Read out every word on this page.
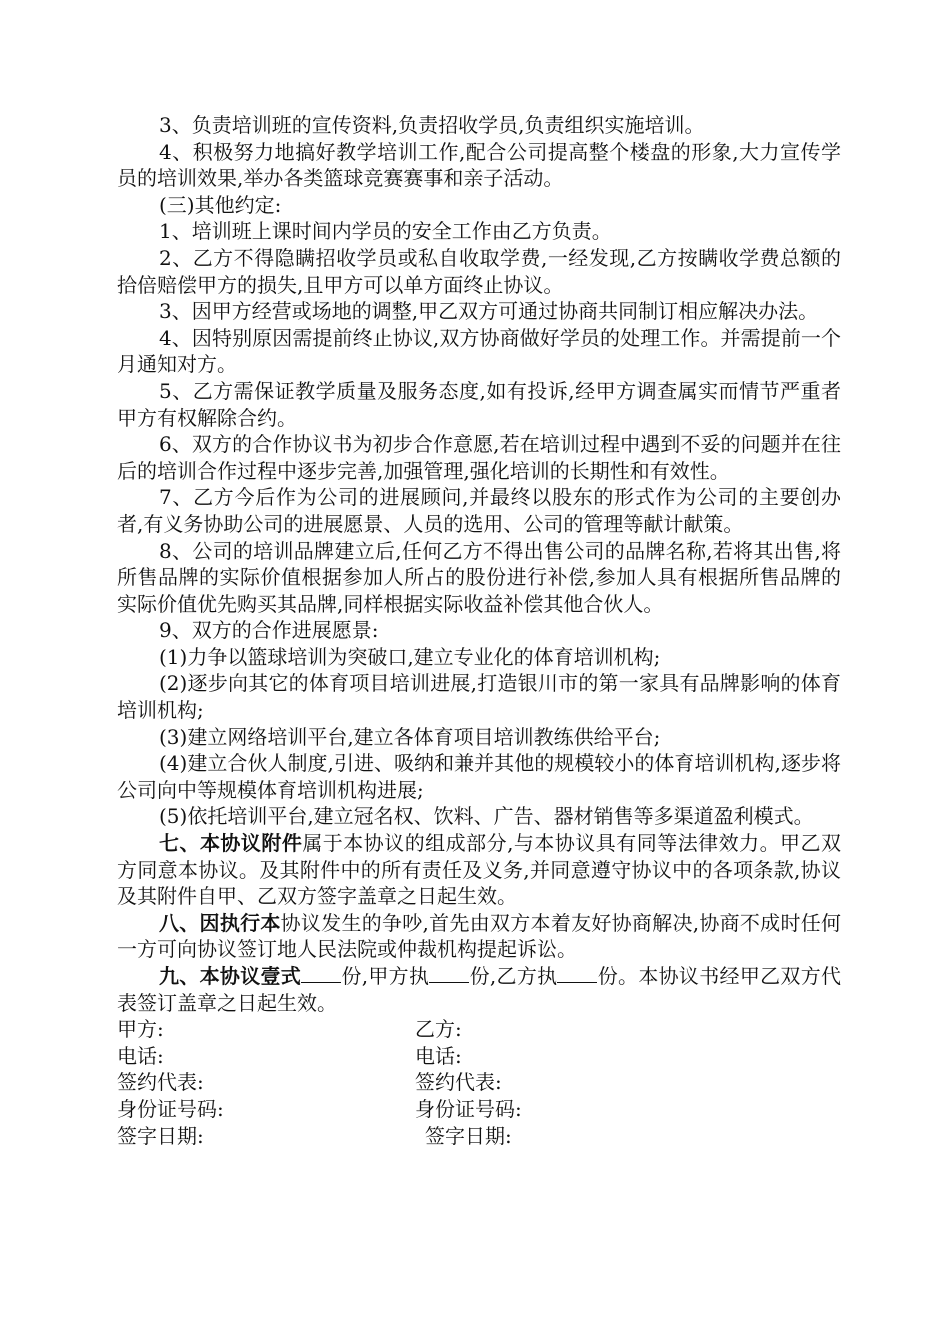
3、负责培训班的宣传资料,负责招收学员,负责组织实施培训。

4、积极努力地搞好教学培训工作,配合公司提高整个楼盘的形象,大力宣传学员的培训效果,举办各类篮球竞赛赛事和亲子活动。

(三)其他约定:

1、培训班上课时间内学员的安全工作由乙方负责。

2、乙方不得隐瞒招收学员或私自收取学费,一经发现,乙方按瞒收学费总额的拾倍赔偿甲方的损失,且甲方可以单方面终止协议。

3、因甲方经营或场地的调整,甲乙双方可通过协商共同制订相应解决办法。

4、因特别原因需提前终止协议,双方协商做好学员的处理工作。并需提前一个月通知对方。

5、乙方需保证教学质量及服务态度,如有投诉,经甲方调查属实而情节严重者甲方有权解除合约。

6、双方的合作协议书为初步合作意愿,若在培训过程中遇到不妥的问题并在往后的培训合作过程中逐步完善,加强管理,强化培训的长期性和有效性。

7、乙方今后作为公司的进展顾问,并最终以股东的形式作为公司的主要创办者,有义务协助公司的进展愿景、人员的选用、公司的管理等献计献策。

8、公司的培训品牌建立后,任何乙方不得出售公司的品牌名称,若将其出售,将所售品牌的实际价值根据参加人所占的股份进行补偿,参加人具有根据所售品牌的实际价值优先购买其品牌,同样根据实际收益补偿其他合伙人。

9、双方的合作进展愿景:

(1)力争以篮球培训为突破口,建立专业化的体育培训机构;

(2)逐步向其它的体育项目培训进展,打造银川市的第一家具有品牌影响的体育培训机构;

(3)建立网络培训平台,建立各体育项目培训教练供给平台;

(4)建立合伙人制度,引进、吸纳和兼并其他的规模较小的体育培训机构,逐步将公司向中等规模体育培训机构进展;

(5)依托培训平台,建立冠名权、饮料、广告、器材销售等多渠道盈利模式。

七、本协议附件属于本协议的组成部分,与本协议具有同等法律效力。甲乙双方同意本协议。及其附件中的所有责任及义务,并同意遵守协议中的各项条款,协议及其附件自甲、乙双方签字盖章之日起生效。

八、因执行本协议发生的争吵,首先由双方本着友好协商解决,协商不成时任何一方可向协议签订地人民法院或仲裁机构提起诉讼。

九、本协议壹式 份,甲方执 份,乙方执 份。本协议书经甲乙双方代表签订盖章之日起生效。

甲方:	乙方:
电话:	电话:
签约代表:	签约代表:
身份证号码:	身份证号码:
签字日期:	签字日期:
